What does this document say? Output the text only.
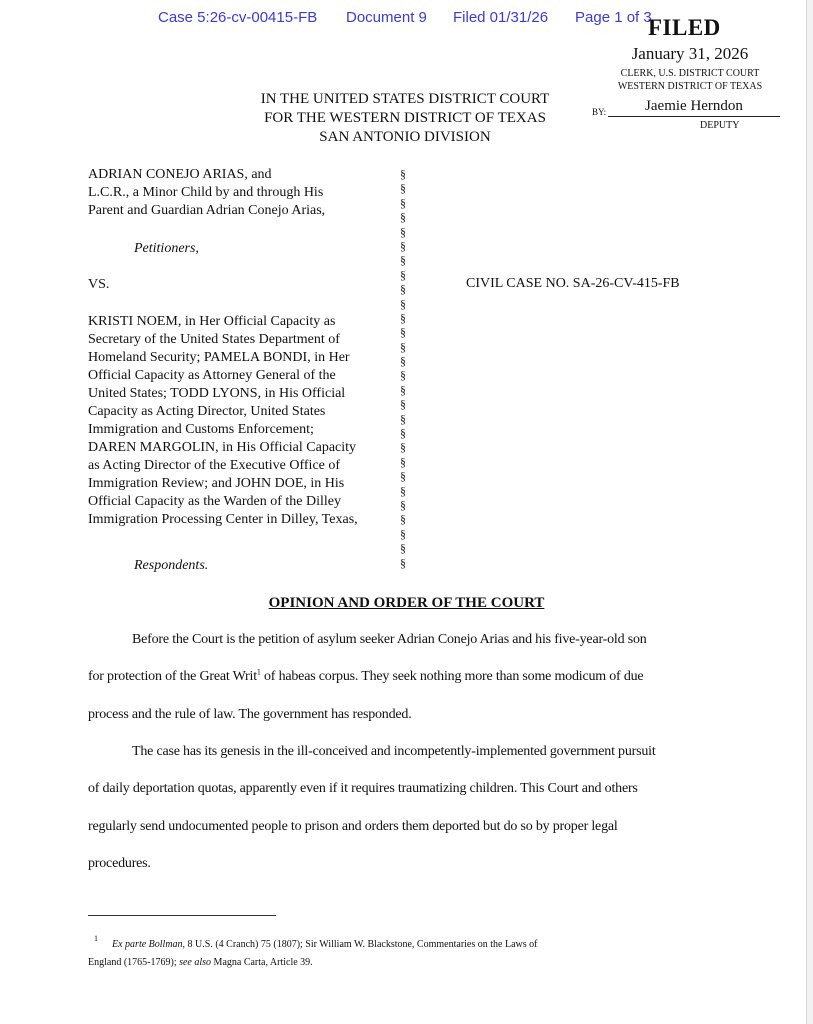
Case 5:26-cv-00415-FB Document 9 Filed 01/31/26 Page 1 of 3
FILED
January 31, 2026
CLERK, U.S. DISTRICT COURT
WESTERN DISTRICT OF TEXAS
BY:	Jaemie Herndon
DEPUTY
IN THE UNITED STATES DISTRICT COURT
FOR THE WESTERN DISTRICT OF TEXAS
SAN ANTONIO DIVISION
ADRIAN CONEJO ARIAS, and
L.C.R., a Minor Child by and through His
Parent and Guardian Adrian Conejo Arias,
Petitioners,
VS.	CIVIL CASE NO. SA-26-CV-415-FB
KRISTI NOEM, in Her Official Capacity as
Secretary of the United States Department of
Homeland Security; PAMELA BONDI, in Her
Official Capacity as Attorney General of the
United States; TODD LYONS, in His Official
Capacity as Acting Director, United States
Immigration and Customs Enforcement;
DAREN MARGOLIN, in His Official Capacity
as Acting Director of the Executive Office of
Immigration Review; and JOHN DOE, in His
Official Capacity as the Warden of the Dilley
Immigration Processing Center in Dilley, Texas,
Respondents.
§
§
§
§
§
§
§
§
§
§
§
§
§
§
§
§
§
§
§
§
§
§
§
§
§
§
§
§
OPINION AND ORDER OF THE COURT
Before the Court is the petition of asylum seeker Adrian Conejo Arias and his five-year-old son
for protection of the Great Writ$^1$ of habeas corpus. They seek nothing more than some modicum of due
process and the rule of law. The government has responded.
The case has its genesis in the ill-conceived and incompetently-implemented government pursuit
of daily deportation quotas, apparently even if it requires traumatizing children. This Court and others
regularly send undocumented people to prison and orders them deported but do so by proper legal
procedures.
1
Ex parte Bollman, 8 U.S. (4 Cranch) 75 (1807); Sir William W. Blackstone, Commentaries on the Laws of
England (1765-1769); see also Magna Carta, Article 39.
